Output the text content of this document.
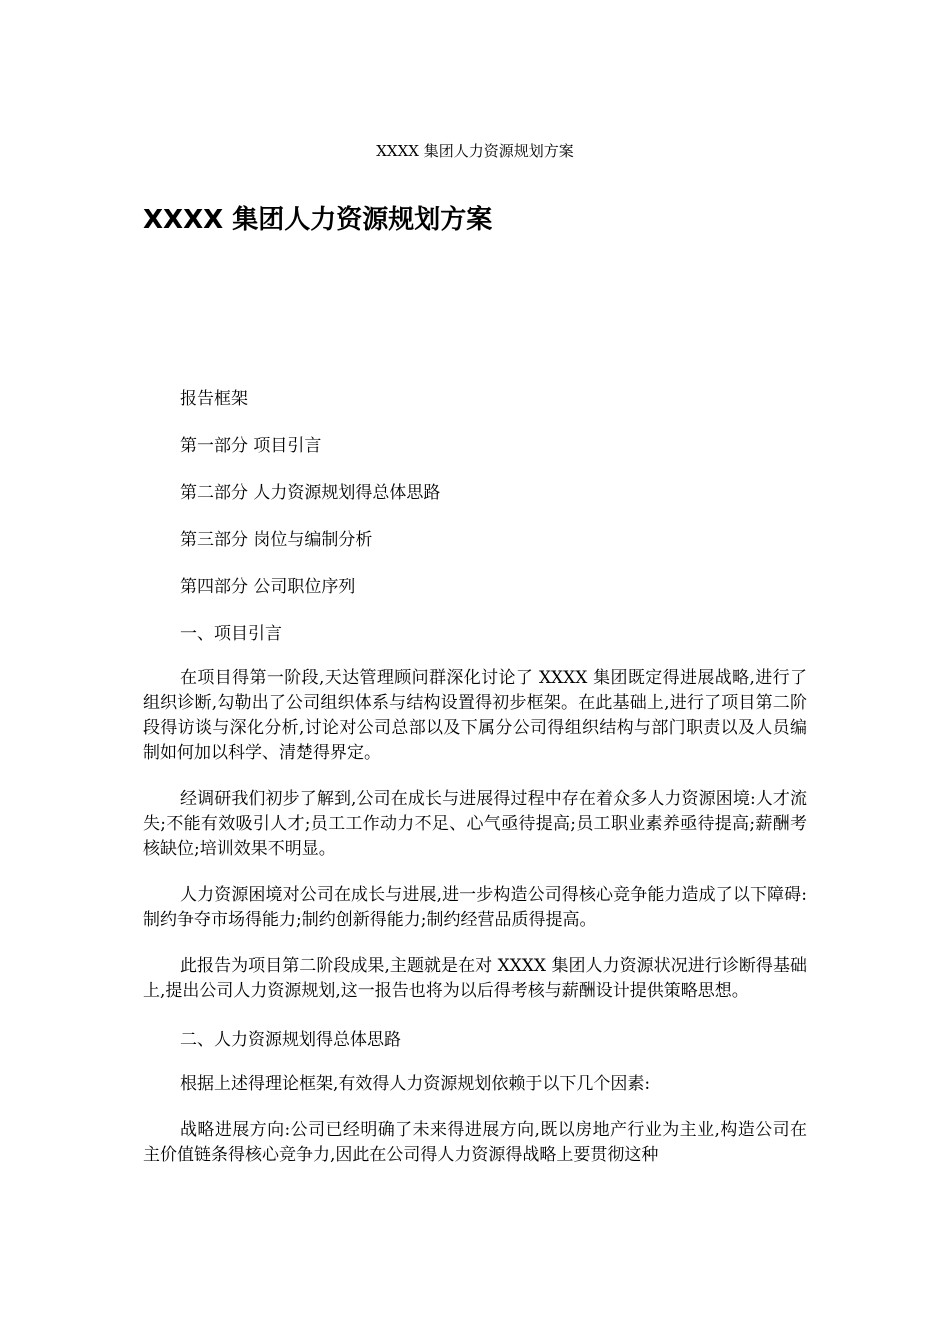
XXXX 集团人力资源规划方案
XXXX 集团人力资源规划方案
报告框架
第一部分 项目引言
第二部分 人力资源规划得总体思路
第三部分 岗位与编制分析
第四部分 公司职位序列
一、项目引言

在项目得第一阶段,天达管理顾问群深化讨论了 XXXX 集团既定得进展战略,进行了组织诊断,勾勒出了公司组织体系与结构设置得初步框架。在此基础上,进行了项目第二阶段得访谈与深化分析,讨论对公司总部以及下属分公司得组织结构与部门职责以及人员编制如何加以科学、清楚得界定。

经调研我们初步了解到,公司在成长与进展得过程中存在着众多人力资源困境:人才流失;不能有效吸引人才;员工工作动力不足、心气亟待提高;员工职业素养亟待提高;薪酬考核缺位;培训效果不明显。

人力资源困境对公司在成长与进展,进一步构造公司得核心竞争能力造成了以下障碍:制约争夺市场得能力;制约创新得能力;制约经营品质得提高。

此报告为项目第二阶段成果,主题就是在对 XXXX 集团人力资源状况进行诊断得基础上,提出公司人力资源规划,这一报告也将为以后得考核与薪酬设计提供策略思想。

二、人力资源规划得总体思路

根据上述得理论框架,有效得人力资源规划依赖于以下几个因素:

战略进展方向:公司已经明确了未来得进展方向,既以房地产行业为主业,构造公司在主价值链条得核心竞争力,因此在公司得人力资源得战略上要贯彻这种
